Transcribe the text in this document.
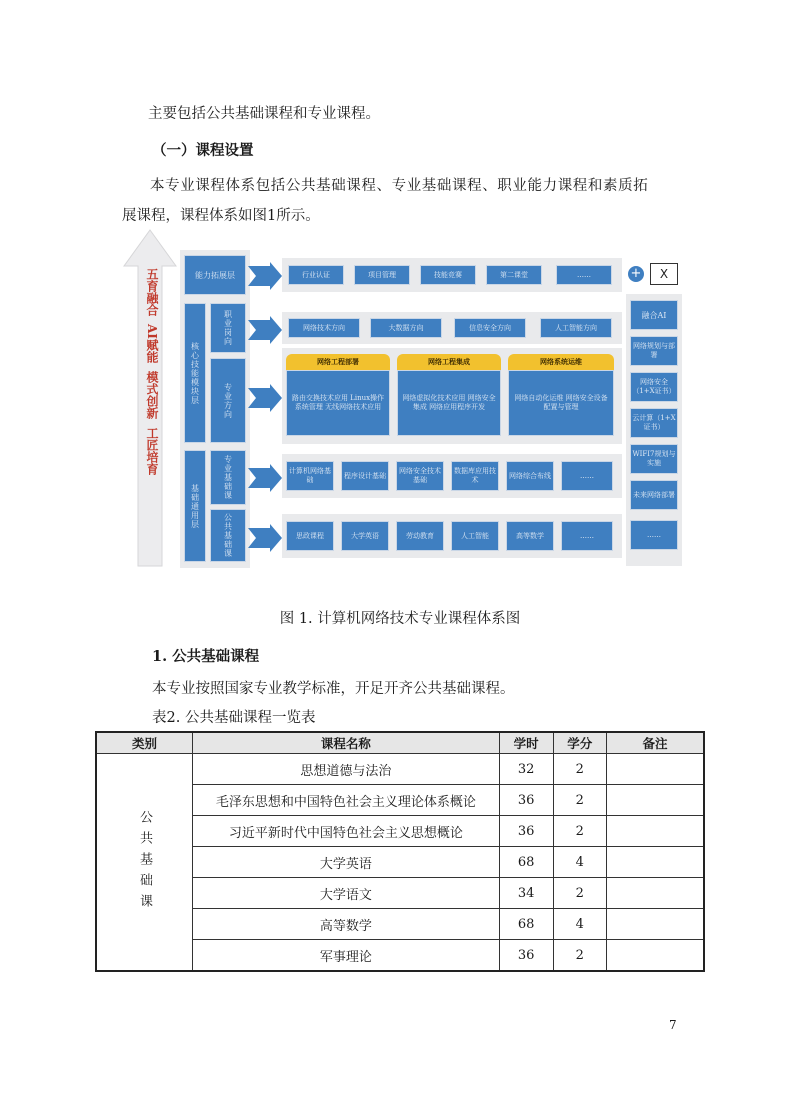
主要包括公共基础课程和专业课程。
（一）课程设置
本专业课程体系包括公共基础课程、专业基础课程、职业能力课程和素质拓
展课程，课程体系如图1所示。
五育融合
AI赋能
模式创新
工匠培育
能力拓展层
核心技能模块层
职业岗向
专业方向
基础通用层
专业基础课
公共基础课
行业认证	项目管理	技能竞赛	第二课堂	……
网络技术方向	大数据方向	信息安全方向	人工智能方向
网络工程部署	网络工程集成	网络系统运维
路由交换技术应用 Linux操作系统管理 无线网络技术应用
网络虚拟化技术应用 网络安全集成 网络应用程序开发
网络自动化运维 网络安全设备配置与管理
计算机网络基础
程序设计基础
网络安全技术基础
数据库应用技术
网络综合布线	……
思政课程	大学英语	劳动教育	人工智能	高等数学	……
+	X
融合AI
网络规划与部署
网络安全（1+X证书）
云计算（1+X证书）
WIFI7规划与实施
未来网络部署
……
图 1. 计算机网络技术专业课程体系图
1. 公共基础课程
本专业按照国家专业教学标准，开足开齐公共基础课程。
表2. 公共基础课程一览表
类别	课程名称	学时	学分	备注

公共基础课	思想道德与法治	32	2	
	毛泽东思想和中国特色社会主义理论体系概论	36	2	
	习近平新时代中国特色社会主义思想概论	36	2	
	大学英语	68	4	
	大学语文	34	2	
	高等数学	68	4	
	军事理论	36	2	
7
